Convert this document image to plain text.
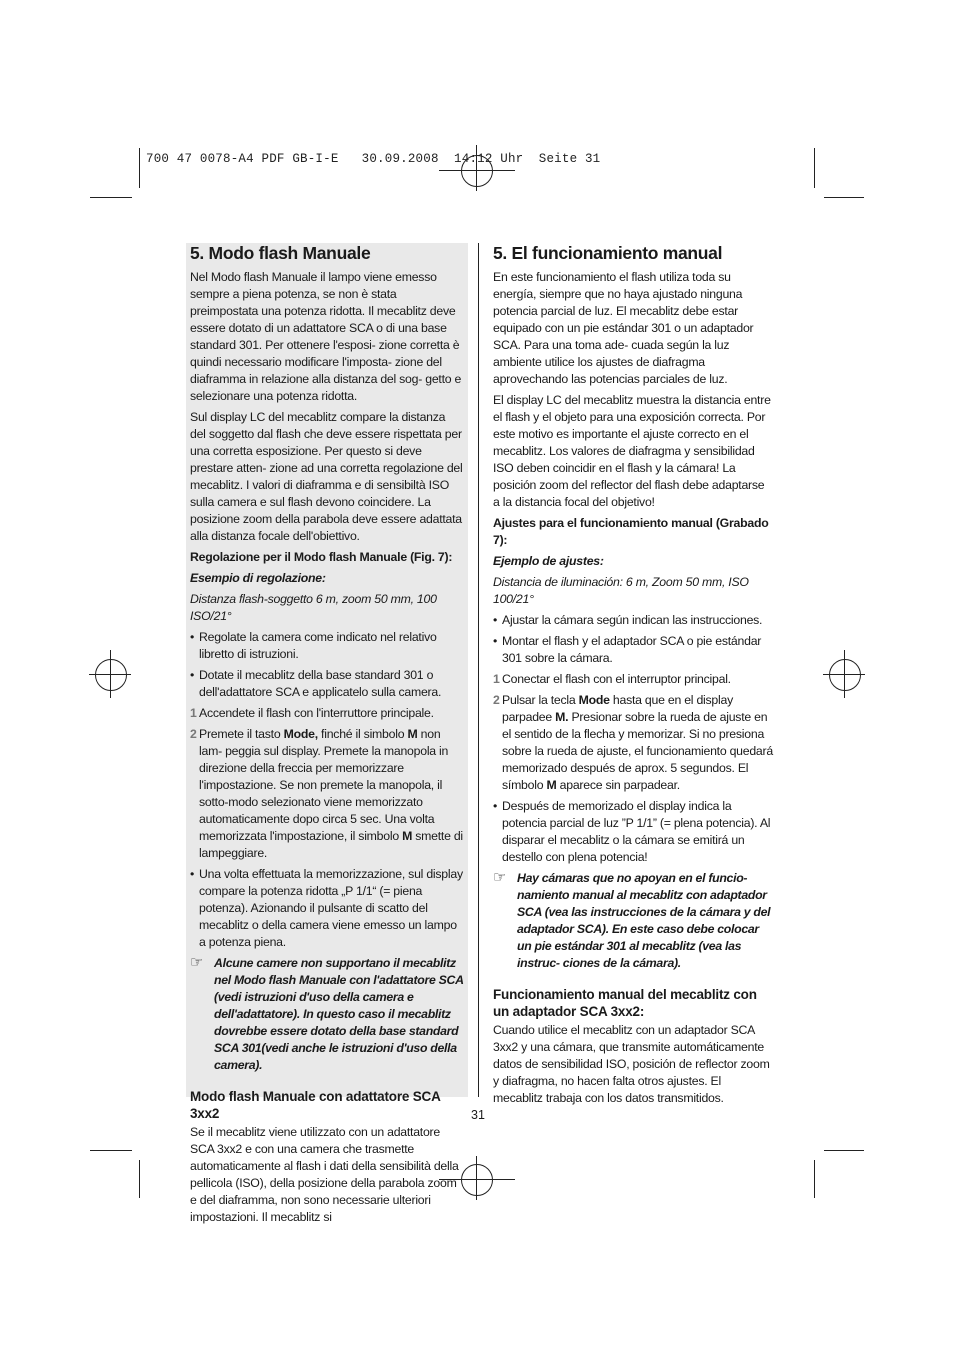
700 47 0078-A4 PDF GB-I-E   30.09.2008  14:12 Uhr  Seite 31
5. Modo flash Manuale

Nel Modo flash Manuale il lampo viene emesso sempre a piena potenza, se non è stata preimpostata una potenza ridotta. Il mecablitz deve essere dotato di un adattatore SCA o di una base standard 301. Per ottenere l'esposi- zione corretta è quindi necessario modificare l'imposta- zione del diaframma in relazione alla distanza del sog- getto e selezionare una potenza ridotta.

Sul display LC del mecablitz compare la distanza del soggetto dal flash che deve essere rispettata per una corretta esposizione. Per questo si deve prestare atten- zione ad una corretta regolazione del mecablitz. I valori di diaframma e di sensibiltà ISO sulla camera e sul flash devono coincidere. La posizione zoom della parabola deve essere adattata alla distanza focale dell'obiettivo.

Regolazione per il Modo flash Manuale (Fig. 7):

Esempio di regolazione:

Distanza flash-soggetto 6 m, zoom 50 mm, 100 ISO/21°

• Regolate la camera come indicato nel relativo libretto di istruzioni.

• Dotate il mecablitz della base standard 301 o dell'adattatore SCA e applicatelo sulla camera.

1 Accendete il flash con l'interruttore principale.

2 Premete il tasto Mode, finché il simbolo M non lam- peggia sul display. Premete la manopola in direzione della freccia per memorizzare l'impostazione. Se non premete la manopola, il sotto-modo selezionato viene memorizzato automaticamente dopo circa 5 sec. Una volta memorizzata l'impostazione, il simbolo M smette di lampeggiare.

• Una volta effettuata la memorizzazione, sul display compare la potenza ridotta „P 1/1“ (= piena potenza). Azionando il pulsante di scatto del mecablitz o della camera viene emesso un lampo a potenza piena.

☞ Alcune camere non supportano il mecablitz nel Modo flash Manuale con l'adattatore SCA (vedi istruzioni d'uso della camera e dell'adattatore). In questo caso il mecablitz dovrebbe essere dotato della base standard SCA 301(vedi anche le istruzioni d'uso della camera).

Modo flash Manuale con adattatore SCA 3xx2

Se il mecablitz viene utilizzato con un adattatore SCA 3xx2 e con una camera che trasmette automaticamente al flash i dati della sensibilità della pellicola (ISO), della posizione della parabola zoom e del diaframma, non sono necessarie ulteriori impostazioni. Il mecablitz si

5. El funcionamiento manual

En este funcionamiento el flash utiliza toda su energía, siempre que no haya ajustado ninguna potencia parcial de luz. El mecablitz debe estar equipado con un pie estándar 301 o un adaptador SCA. Para una toma ade- cuada según la luz ambiente utilice los ajustes de diafragma aprovechando las potencias parciales de luz.

El display LC del mecablitz muestra la distancia entre el flash y el objeto para una exposición correcta. Por este motivo es importante el ajuste correcto en el mecablitz. Los valores de diafragma y sensibilidad ISO deben coincidir en el flash y la cámara! La posición zoom del reflector del flash debe adaptarse a la distancia focal del objetivo!

Ajustes para el funcionamiento manual (Grabado 7):

Ejemplo de ajustes:

Distancia de iluminación: 6 m, Zoom 50 mm, ISO 100/21°

• Ajustar la cámara según indican las instrucciones.

• Montar el flash y el adaptador SCA o pie estándar 301 sobre la cámara.

1 Conectar el flash con el interruptor principal.

2 Pulsar la tecla Mode hasta que en el display parpadee M. Presionar sobre la rueda de ajuste en el sentido de la flecha y memorizar. Si no presiona sobre la rueda de ajuste, el funcionamiento quedará memorizado después de aprox. 5 segundos. El símbolo M aparece sin parpadear.

• Después de memorizado el display indica la potencia parcial de luz ”P 1/1” (= plena potencia). Al disparar el mecablitz o la cámara se emitirá un destello con plena potencia!

☞ Hay cámaras que no apoyan en el funcio- namiento manual al mecablitz con adaptador SCA (vea las instrucciones de la cámara y del adaptador SCA). En este caso debe colocar un pie estándar 301 al mecablitz (vea las instruc- ciones de la cámara).

Funcionamiento manual del mecablitz con un adaptador SCA 3xx2:

Cuando utilice el mecablitz con un adaptador SCA 3xx2 y una cámara, que transmite automáticamente datos de sensibilidad ISO, posición de reflector zoom y diafragma, no hacen falta otros ajustes. El mecablitz trabaja con los datos transmitidos.

31
